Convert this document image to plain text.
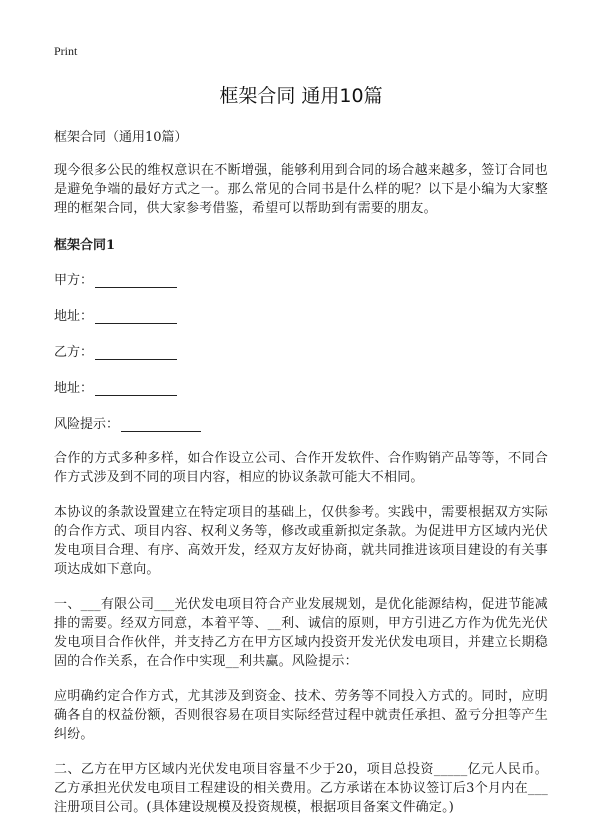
Print
框架合同 通用10篇
框架合同（通用10篇）

现今很多公民的维权意识在不断增强，能够利用到合同的场合越来越多，签订合同也是避免争端的最好方式之一。那么常见的合同书是什么样的呢？以下是小编为大家整理的框架合同，供大家参考借鉴，希望可以帮助到有需要的朋友。

框架合同1
甲方：
地址：
乙方：
地址：
风险提示：

合作的方式多种多样，如合作设立公司、合作开发软件、合作购销产品等等，不同合作方式涉及到不同的项目内容，相应的协议条款可能大不相同。

本协议的条款设置建立在特定项目的基础上，仅供参考。实践中，需要根据双方实际的合作方式、项目内容、权利义务等，修改或重新拟定条款。为促进甲方区域内光伏发电项目合理、有序、高效开发，经双方友好协商，就共同推进该项目建设的有关事项达成如下意向。

一、___有限公司___光伏发电项目符合产业发展规划，是优化能源结构，促进节能减排的需要。经双方同意，本着平等、__利、诚信的原则，甲方引进乙方作为优先光伏发电项目合作伙伴，并支持乙方在甲方区域内投资开发光伏发电项目，并建立长期稳固的合作关系，在合作中实现__利共赢。风险提示：

应明确约定合作方式，尤其涉及到资金、技术、劳务等不同投入方式的。同时，应明确各自的权益份额，否则很容易在项目实际经营过程中就责任承担、盈亏分担等产生纠纷。

二、乙方在甲方区域内光伏发电项目容量不少于20，项目总投资_____亿元人民币。乙方承担光伏发电项目工程建设的相关费用。乙方承诺在本协议签订后3个月内在___注册项目公司。(具体建设规模及投资规模，根据项目备案文件确定。)
